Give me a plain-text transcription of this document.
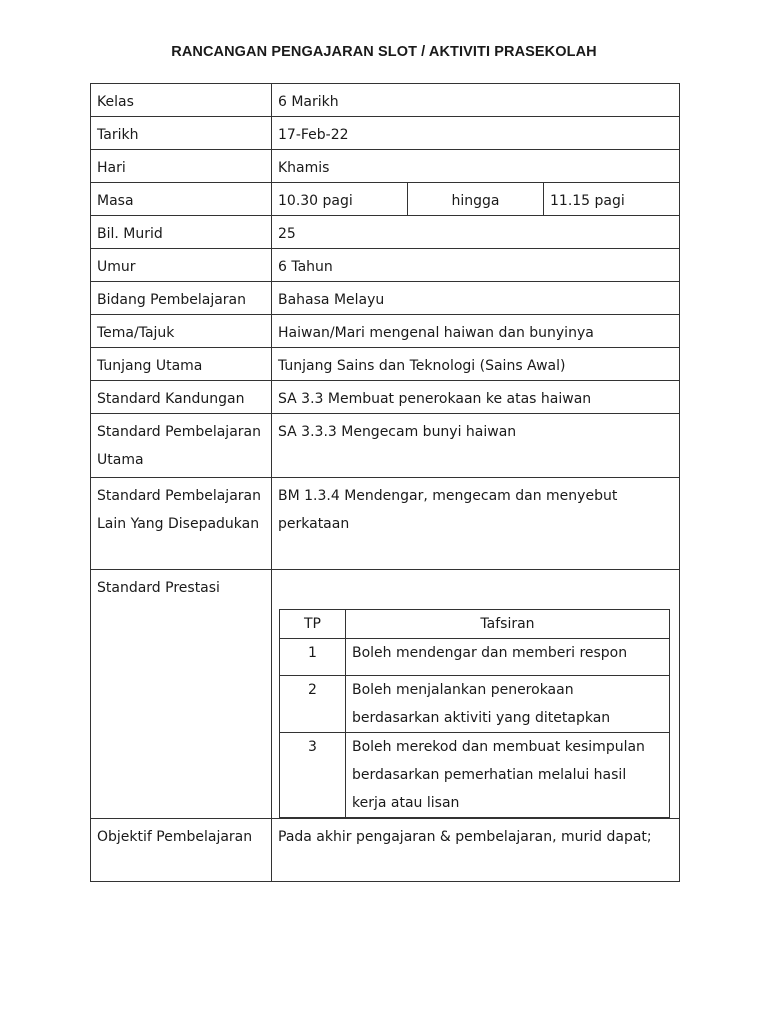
RANCANGAN PENGAJARAN SLOT / AKTIVITI PRASEKOLAH
Kelas	6 Marikh
Tarikh	17-Feb-22
Hari	Khamis
Masa	10.30 pagi	hingga	11.15 pagi
Bil. Murid	25
Umur	6 Tahun
Bidang Pembelajaran	Bahasa Melayu
Tema/Tajuk	Haiwan/Mari mengenal haiwan dan bunyinya
Tunjang Utama	Tunjang Sains dan Teknologi (Sains Awal)
Standard Kandungan	SA 3.3 Membuat penerokaan ke atas haiwan
Standard Pembelajaran Utama	SA 3.3.3 Mengecam bunyi haiwan
Standard Pembelajaran Lain Yang Disepadukan	BM 1.3.4 Mendengar, mengecam dan menyebut perkataan
Standard Prestasi	
TP	Tafsiran
1	Boleh mendengar dan memberi respon
2	Boleh menjalankan penerokaan berdasarkan aktiviti yang ditetapkan
3	Boleh merekod dan membuat kesimpulan berdasarkan pemerhatian melalui hasil kerja atau lisan

Objektif Pembelajaran	Pada akhir pengajaran & pembelajaran, murid dapat;
